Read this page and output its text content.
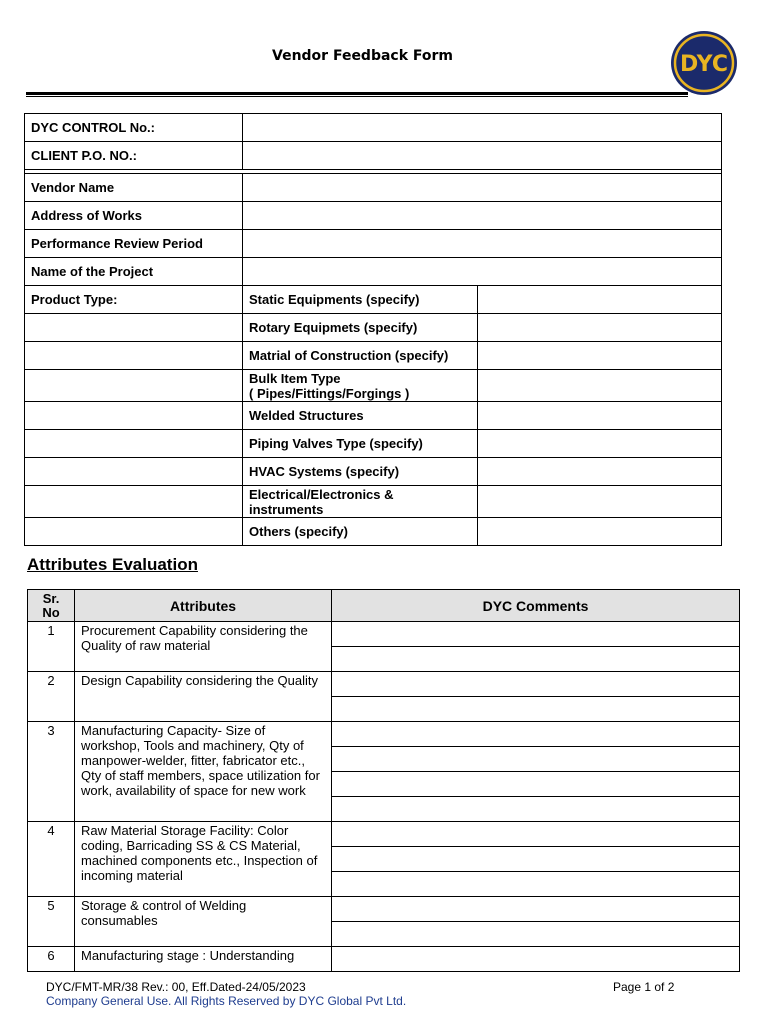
Vendor Feedback Form	DYC
DYC CONTROL No.:		
CLIENT P.O. NO.:		

Vendor Name		
Address of Works		
Performance Review Period		
Name of the Project		
Product Type:	Static Equipments (specify)	
	Rotary Equipmets (specify)	
	Matrial of Construction (specify)	
	Bulk Item Type
( Pipes/Fittings/Forgings )	
	Welded Structures	
	Piping Valves Type (specify)	
	HVAC Systems (specify)	
	Electrical/Electronics &
instruments	
	Others (specify)	
Attributes Evaluation
Sr.
No	Attributes	DYC Comments
1	Procurement Capability considering the Quality of raw material	

2	Design Capability considering the Quality	

3	Manufacturing Capacity- Size of workshop, Tools and machinery, Qty of manpower-welder, fitter, fabricator etc., Qty of staff members, space utilization for work, availability of space for new work	

4	Raw Material Storage Facility: Color coding, Barricading SS & CS Material, machined components etc., Inspection of incoming material	

5	Storage & control of Welding consumables	

6	Manufacturing stage : Understanding	
DYC/FMT-MR/38 Rev.: 00, Eff.Dated-24/05/2023
Company General Use. All Rights Reserved by DYC Global Pvt Ltd.
Page 1 of 2
